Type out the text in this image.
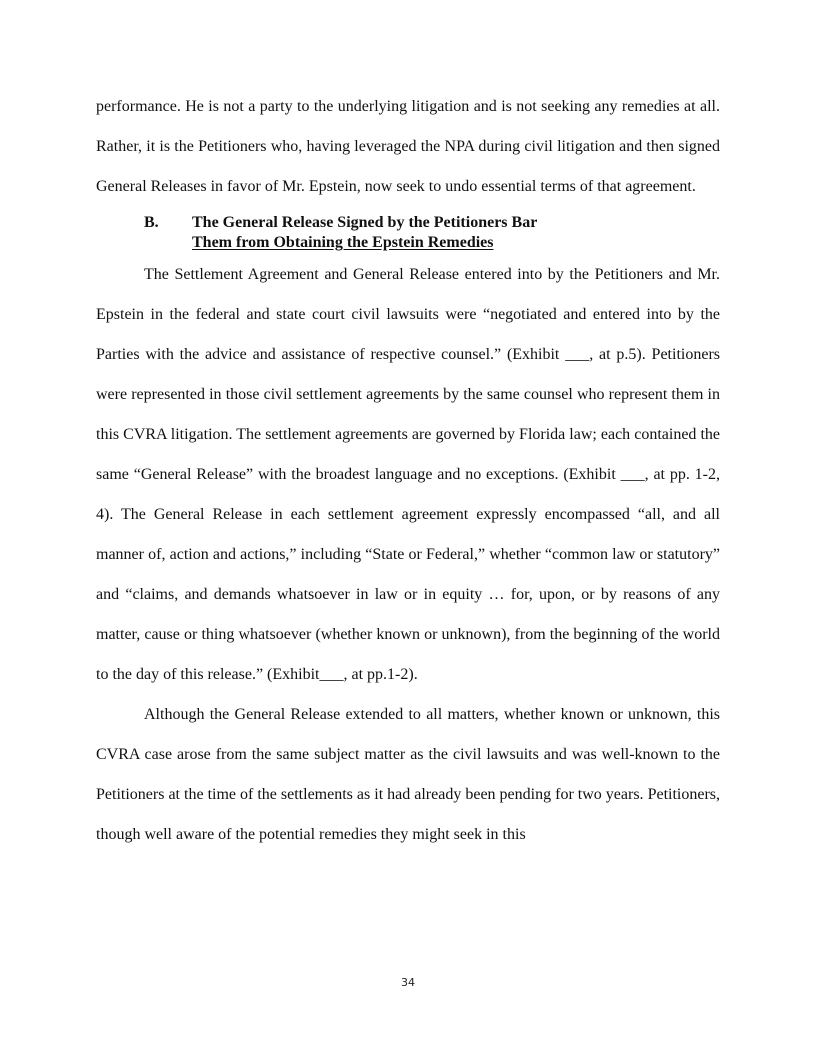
performance. He is not a party to the underlying litigation and is not seeking any remedies at all. Rather, it is the Petitioners who, having leveraged the NPA during civil litigation and then signed General Releases in favor of Mr. Epstein, now seek to undo essential terms of that agreement.

B.	The General Release Signed by the Petitioners Bar
Them from Obtaining the Epstein Remedies

The Settlement Agreement and General Release entered into by the Petitioners and Mr. Epstein in the federal and state court civil lawsuits were “negotiated and entered into by the Parties with the advice and assistance of respective counsel.” (Exhibit ___, at p.5). Petitioners were represented in those civil settlement agreements by the same counsel who represent them in this CVRA litigation. The settlement agreements are governed by Florida law; each contained the same “General Release” with the broadest language and no exceptions. (Exhibit ___, at pp. 1-2, 4). The General Release in each settlement agreement expressly encompassed “all, and all manner of, action and actions,” including “State or Federal,” whether “common law or statutory” and “claims, and demands whatsoever in law or in equity … for, upon, or by reasons of any matter, cause or thing whatsoever (whether known or unknown), from the beginning of the world to the day of this release.” (Exhibit___, at pp.1-2).

Although the General Release extended to all matters, whether known or unknown, this CVRA case arose from the same subject matter as the civil lawsuits and was well-known to the Petitioners at the time of the settlements as it had already been pending for two years. Petitioners, though well aware of the potential remedies they might seek in this

34
